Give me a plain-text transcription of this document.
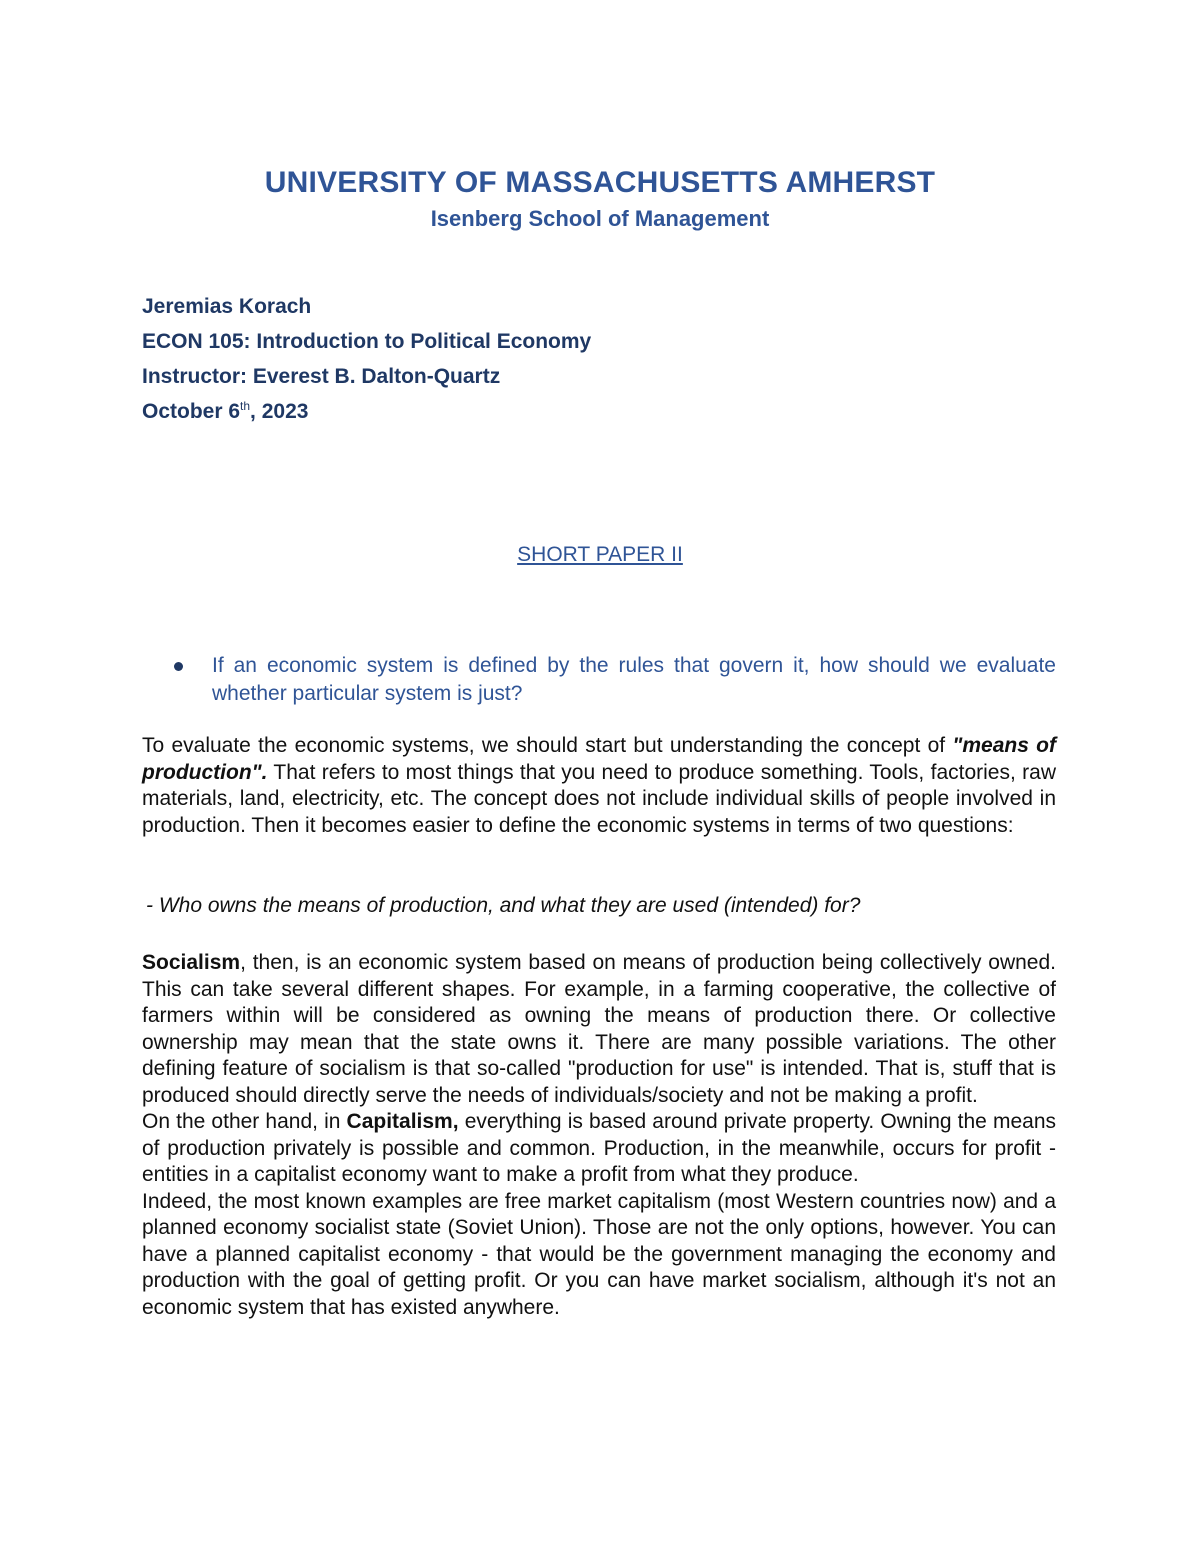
UNIVERSITY OF MASSACHUSETTS AMHERST
Isenberg School of Management
Jeremias Korach
ECON 105: Introduction to Political Economy
Instructor: Everest B. Dalton-Quartz
October 6th, 2023
SHORT PAPER II
If an economic system is defined by the rules that govern it, how should we evaluate whether particular system is just?
To evaluate the economic systems, we should start but understanding the concept of "means of production". That refers to most things that you need to produce something. Tools, factories, raw materials, land, electricity, etc. The concept does not include individual skills of people involved in production. Then it becomes easier to define the economic systems in terms of two questions:
- Who owns the means of production, and what they are used (intended) for?

Socialism, then, is an economic system based on means of production being collectively owned. This can take several different shapes. For example, in a farming cooperative, the collective of farmers within will be considered as owning the means of production there. Or collective ownership may mean that the state owns it. There are many possible variations. The other defining feature of socialism is that so-called "production for use" is intended. That is, stuff that is produced should directly serve the needs of individuals/society and not be making a profit.

On the other hand, in Capitalism, everything is based around private property. Owning the means of production privately is possible and common. Production, in the meanwhile, occurs for profit - entities in a capitalist economy want to make a profit from what they produce.

Indeed, the most known examples are free market capitalism (most Western countries now) and a planned economy socialist state (Soviet Union). Those are not the only options, however. You can have a planned capitalist economy - that would be the government managing the economy and production with the goal of getting profit. Or you can have market socialism, although it's not an economic system that has existed anywhere.
